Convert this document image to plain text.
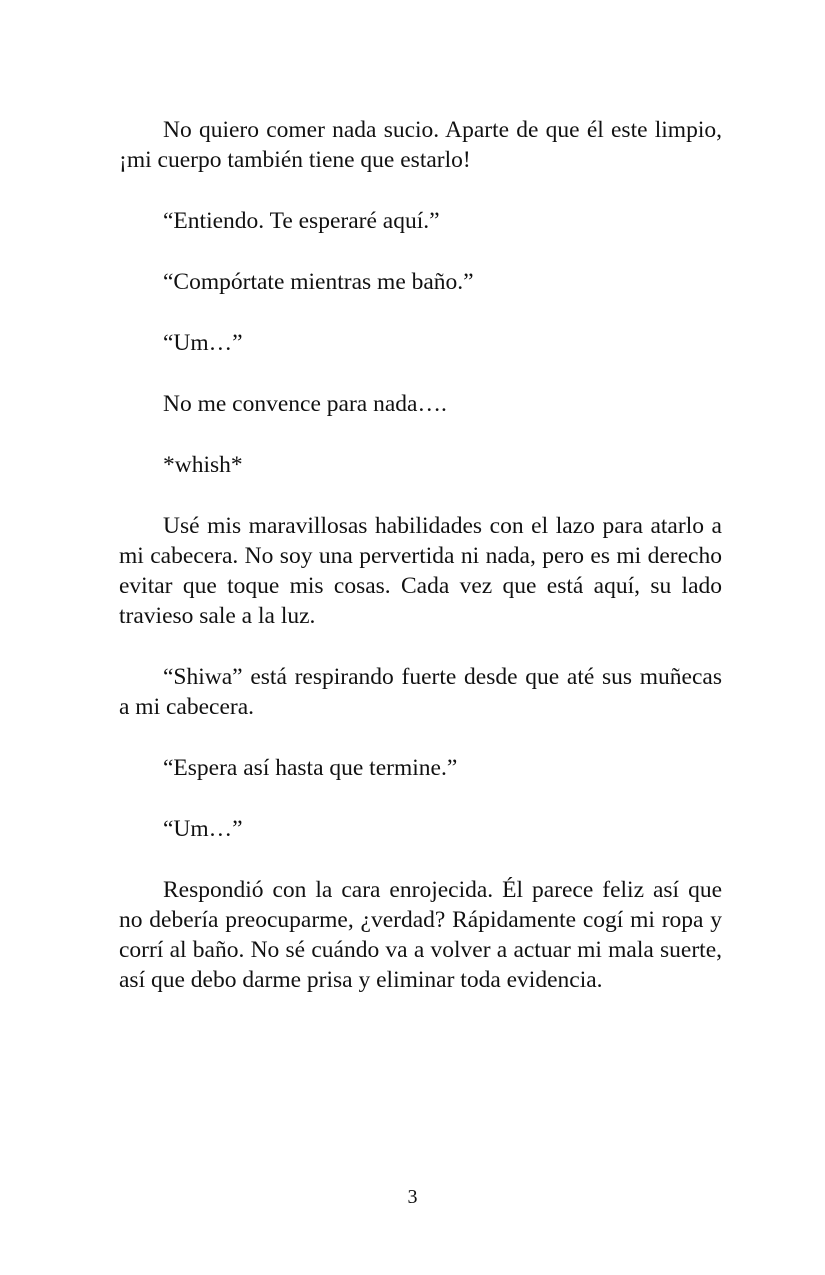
No quiero comer nada sucio. Aparte de que él este limpio, ¡mi cuerpo también tiene que estarlo!

“Entiendo. Te esperaré aquí.”

“Compórtate mientras me baño.”

“Um…”

No me convence para nada….

*whish*

Usé mis maravillosas habilidades con el lazo para atarlo a mi cabecera. No soy una pervertida ni nada, pero es mi derecho evitar que toque mis cosas. Cada vez que está aquí, su lado travieso sale a la luz.

“Shiwa” está respirando fuerte desde que até sus muñecas a mi cabecera.

“Espera así hasta que termine.”

“Um…”

Respondió con la cara enrojecida. Él parece feliz así que no debería preocuparme, ¿verdad? Rápidamente cogí mi ropa y corrí al baño. No sé cuándo va a volver a actuar mi mala suerte, así que debo darme prisa y eliminar toda evidencia.

3
